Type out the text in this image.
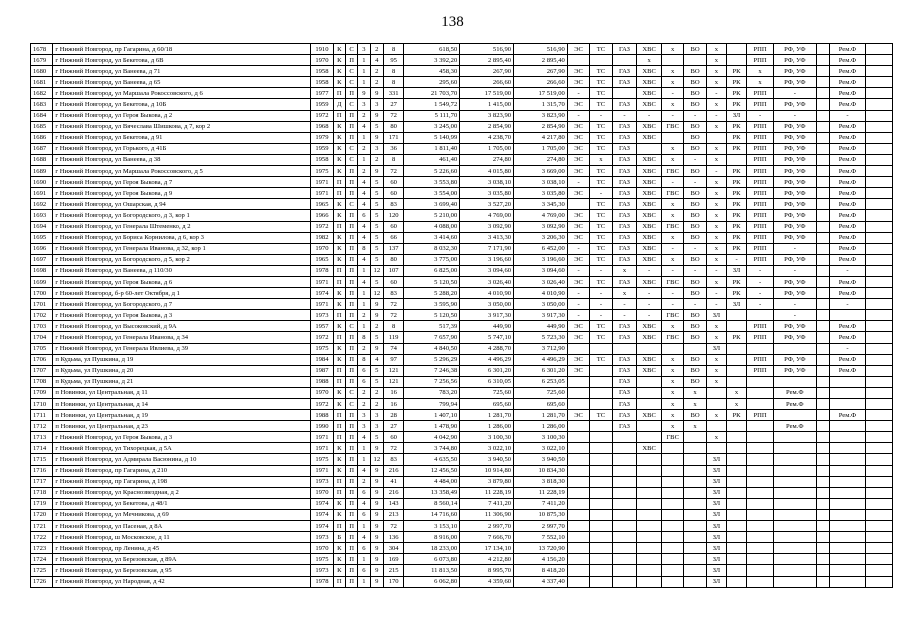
138
1678	г Нижний Новгород, пр Гагарина, д 60/18	1910	К	С	3	2	8	618,50	516,90	516,90	ЭС	ТС	ГАЗ	ХВС	х	ВО	х		РПП	РФ, УФ		Рем.Ф	
1679	г Нижний Новгород, ул Бекетова, д 6В	1970	К	П	1	4	95	3 392,20	2 895,40	2 895,40				х			х		РПП	РФ, УФ		Рем.Ф	
1680	г Нижний Новгород, ул Ванеева, д 71	1958	К	С	1	2	8	458,30	267,90	267,90	ЭС	ТС	ГАЗ	ХВС	х	ВО	х	РК	х	РФ, УФ		Рем.Ф	
1681	г Нижний Новгород, ул Ванеева, д 65	1958	К	С	1	2	8	295,60	266,60	266,60	ЭС	ТС	ГАЗ	ХВС	х	ВО	х	РК	х	РФ, УФ		Рем.Ф	
1682	г Нижний Новгород, ул Маршала Рокоссовского, д 6	1977	П	П	9	9	331	21 703,70	17 519,00	17 519,00	-	ТС		ХВС	-	ВО	-	РК	РПП	-		Рем.Ф	
1683	г Нижний Новгород, ул Бекетова, д 10Б	1959	Д	С	3	3	27	1 549,72	1 415,00	1 315,70	ЭС	ТС	ГАЗ	ХВС	х	ВО	х	РК	РПП	РФ, УФ		Рем.Ф	
1684	г Нижний Новгород, ул Героя Быкова, д 2	1972	П	П	2	9	72	5 111,70	3 823,90	3 823,90	-	-	-	-	-	-	-	ЗЛ	-	-		-	
1685	г Нижний Новгород, ул Вячеслава Шишкова, д 7, кор 2	1968	К	П	4	5	80	3 245,00	2 854,90	2 854,90	ЭС	ТС	ГАЗ	ХВС	ГВС	ВО	х	РК	РПП	РФ, УФ		Рем.Ф	
1686	г Нижний Новгород, ул Бекетова, д 91	1979	К	П	1	9	171	5 140,99	4 238,70	4 217,80	ЭС	ТС	ГАЗ	ХВС		ВО		РК	РПП	РФ, УФ		Рем.Ф	
1687	г Нижний Новгород, ул Горького, д 41Б	1959	К	С	2	3	36	1 811,40	1 705,00	1 705,00	ЭС	ТС	ГАЗ		х	ВО	х	РК	РПП	РФ, УФ		Рем.Ф	
1688	г Нижний Новгород, ул Ванеева, д 38	1958	К	С	1	2	8	461,40	274,80	274,80	ЭС	х	ГАЗ	ХВС	х	-	х		РПП	РФ, УФ		Рем.Ф	
1689	г Нижний Новгород, ул Маршала Рокоссовского, д 5	1975	К	П	2	9	72	5 226,60	4 015,80	3 669,00	ЭС	ТС	ГАЗ	ХВС	ГВС	ВО	-	РК	РПП	РФ, УФ		Рем.Ф	
1690	г Нижний Новгород, ул Героя Быкова, д 7	1971	П	П	4	5	60	3 553,80	3 038,10	3 038,10	-	ТС	ГАЗ	ХВС	-	-	х	РК	РПП	РФ, УФ		Рем.Ф	
1691	г Нижний Новгород, ул Героя Быкова, д 9	1971	П	П	4	5	60	3 554,00	3 035,80	3 035,80	ЭС	-	ГАЗ	ХВС	ГВС	ВО	х	РК	РПП	РФ, УФ		Рем.Ф	
1692	г Нижний Новгород, ул Ошарская, д 94	1965	К	С	4	5	83	3 699,40	3 527,20	3 345,30		ТС	ГАЗ	ХВС	х	ВО	х	РК	РПП	РФ, УФ		Рем.Ф	
1693	г Нижний Новгород, ул Богородского, д 3, кор 1	1966	К	П	6	5	120	5 210,00	4 769,00	4 769,00	ЭС	ТС	ГАЗ	ХВС	х	ВО	х	РК	РПП	РФ, УФ		Рем.Ф	
1694	г Нижний Новгород, ул Генерала Штеменко, д 2	1972	П	П	4	5	60	4 088,00	3 092,90	3 092,90	ЭС	ТС	ГАЗ	ХВС	ГВС	ВО	х	РК	РПП	РФ, УФ		Рем.Ф	
1695	г Нижний Новгород, ул Бориса Корнилова, д 6, кор 3	1982	К	П	4	5	66	3 414,60	3 413,30	3 206,30	ЭС	ТС	ГАЗ	ХВС	х	ВО	х	РК	РПП	РФ, УФ		Рем.Ф	
1696	г Нижний Новгород, ул Генерала Иванова, д 32, кор 1	1970	К	П	8	5	137	8 032,30	7 171,90	6 452,00	-	ТС	ГАЗ	ХВС	-	-	х	РК	РПП	-		Рем.Ф	
1697	г Нижний Новгород, ул Богородского, д 5, кор 2	1965	К	П	4	5	80	3 775,00	3 196,60	3 196,60	ЭС	ТС	ГАЗ	ХВС	х	ВО	х	-	РПП	РФ, УФ		Рем.Ф	
1698	г Нижний Новгород, ул Ванеева, д 110/30	1978	П	П	1	12	107	6 825,00	3 094,60	3 094,60	-	-	х	-	-	-	-	ЗЛ	-	-		-	
1699	г Нижний Новгород, ул Героя Быкова, д 6	1971	П	П	4	5	60	5 120,50	3 026,40	3 026,40	ЭС	ТС	ГАЗ	ХВС	ГВС	ВО	х	РК	-	РФ, УФ		Рем.Ф	
1700	г Нижний Новгород, б-р 60-лет Октября, д 1	1974	К	П	1	12	83	5 288,20	4 010,90	4 010,90	-	-	х	-	-	ВО	-	РК	-	РФ, УФ		Рем.Ф	
1701	г Нижний Новгород, ул Богородского, д 7	1971	К	П	1	9	72	3 595,90	3 050,00	3 050,00	-	-	-	-	-	-	-	ЗЛ	-	-		-	
1702	г Нижний Новгород, ул Героя Быкова, д 3	1973	П	П	2	9	72	5 120,50	3 917,30	3 917,30	-	-	-	-	ГВС	ВО	ЗЛ			-			
1703	г Нижний Новгород, ул Высоковский, д 9А	1957	К	С	1	2	8	517,39	449,90	449,90	ЭС	ТС	ГАЗ	ХВС	х	ВО	х		РПП	РФ, УФ		Рем.Ф	
1704	г Нижний Новгород, ул Генерала Иванова, д 34	1972	П	П	8	5	119	7 657,90	5 747,10	5 723,30	ЭС	ТС	ГАЗ	ХВС	ГВС	ВО	х	РК	РПП	РФ, УФ		Рем.Ф	
1705	г Нижний Новгород, ул Генерала Ивлиева, д 39	1975	К	П	2	9	74	4 840,50	4 288,70	3 712,90							ЗЛ					-	
1706	п Кудьма, ул Пушкина, д 19	1984	К	П	8	4	97	5 296,29	4 496,29	4 496,29	ЭС	ТС	ГАЗ	ХВС	х	ВО	х		РПП	РФ, УФ		Рем.Ф	
1707	п Кудьма, ул Пушкина, д 20	1987	П	П	6	5	121	7 246,38	6 301,20	6 301,20	ЭС		ГАЗ	ХВС	х	ВО	х		РПП	РФ, УФ		Рем.Ф	
1708	п Кудьма, ул Пушкина, д 21	1988	П	П	6	5	121	7 256,56	6 310,05	6 253,05			ГАЗ		х	ВО	х						
1709	п Новинки, ул Центральная, д 11	1970	К	С	2	2	16	783,20	725,60	725,60			ГАЗ		х	х		х		Рем.Ф			
1710	п Новинки, ул Центральная, д 14	1972	К	С	2	2	16	799,94	695,60	695,60			ГАЗ		х	х		х		Рем.Ф			
1711	п Новинки, ул Центральная, д 19	1988	П	П	3	3	28	1 407,10	1 281,70	1 281,70	ЭС	ТС	ГАЗ	ХВС	х	ВО	х	РК	РПП			Рем.Ф	
1712	п Новинки, ул Центральная, д 23	1990	П	П	3	3	27	1 478,90	1 286,00	1 286,00			ГАЗ		х	х				Рем.Ф			
1713	г Нижний Новгород, ул Героя Быкова, д 3	1971	П	П	4	5	60	4 042,90	3 100,30	3 100,30					ГВС		х						
1714	г Нижний Новгород, ул Тихорецкая, д 5А	1971	К	П	1	9	72	3 744,80	3 022,10	3 022,10				ХВС									
1715	г Нижний Новгород, ул Адмирала Васюнина, д 10	1975	К	П	1	12	83	4 635,50	3 940,50	3 940,50							ЗЛ						
1716	г Нижний Новгород, пр Гагарина, д 210	1971	К	П	4	9	216	12 456,50	10 914,80	10 834,30							ЗЛ						
1717	г Нижний Новгород, пр Гагарина, д 198	1973	П	П	2	9	41	4 484,00	3 879,80	3 818,30							ЗЛ						
1718	г Нижний Новгород, ул Краснозвездная, д 2	1970	П	П	6	9	216	13 358,49	11 228,19	11 228,19							ЗЛ						
1719	г Нижний Новгород, ул Бекетова, д 48/1	1974	К	П	4	9	143	8 560,14	7 411,20	7 411,20							ЗЛ						
1720	г Нижний Новгород, ул Мечникова, д 69	1974	К	П	6	9	213	14 716,60	11 306,90	10 875,30							ЗЛ						
1721	г Нижний Новгород, ул Пасеная, д 8А	1974	П	П	1	9	72	3 153,10	2 997,70	2 997,70							ЗЛ						
1722	г Нижний Новгород, ш Московское, д 11	1973	Б	П	4	9	136	8 916,00	7 666,70	7 552,10							ЗЛ						
1723	г Нижний Новгород, пр Ленина, д 45	1970	К	П	6	9	304	18 233,00	17 134,10	13 720,90							ЗЛ						
1724	г Нижний Новгород, ул Березовская, д 89А	1975	К	П	1	9	169	6 073,80	4 212,80	4 156,20							ЗЛ						
1725	г Нижний Новгород, ул Березовская, д 95	1973	К	П	6	9	215	11 813,50	8 995,70	8 418,20							ЗЛ						
1726	г Нижний Новгород, ул Народная, д 42	1978	П	П	1	9	170	6 062,80	4 359,60	4 337,40							ЗЛ						
